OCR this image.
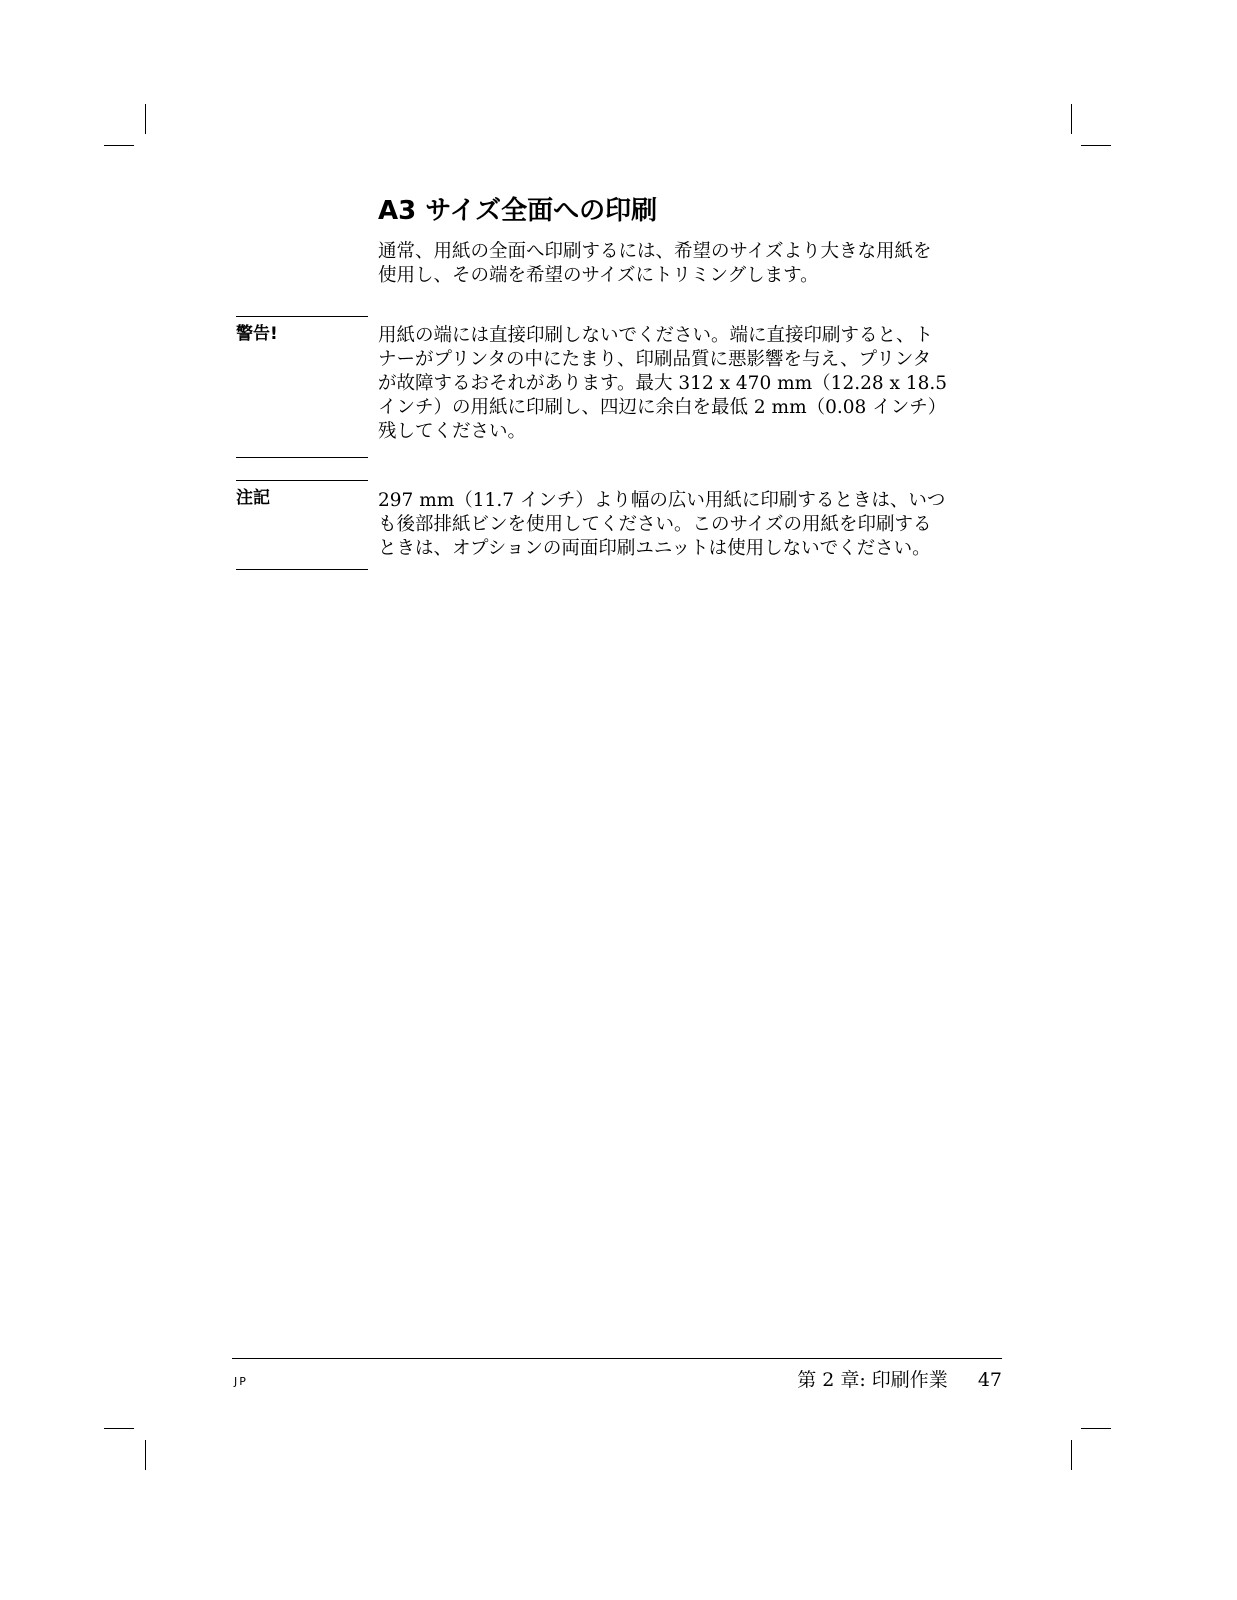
A3 サイズ全面への印刷
通常、用紙の全面へ印刷するには、希望のサイズより大きな用紙を
使用し、その端を希望のサイズにトリミングします。
警告!	用紙の端には直接印刷しないでください。端に直接印刷すると、ト
ナーがプリンタの中にたまり、印刷品質に悪影響を与え、プリンタ
が故障するおそれがあります。最大 312 x 470 mm（12.28 x 18.5
インチ）の用紙に印刷し、四辺に余白を最低 2 mm（0.08 インチ）
残してください。
注記	297 mm（11.7 インチ）より幅の広い用紙に印刷するときは、いつ
も後部排紙ビンを使用してください。このサイズの用紙を印刷する
ときは、オプションの両面印刷ユニットは使用しないでください。
JP	第 2 章: 印刷作業 47
